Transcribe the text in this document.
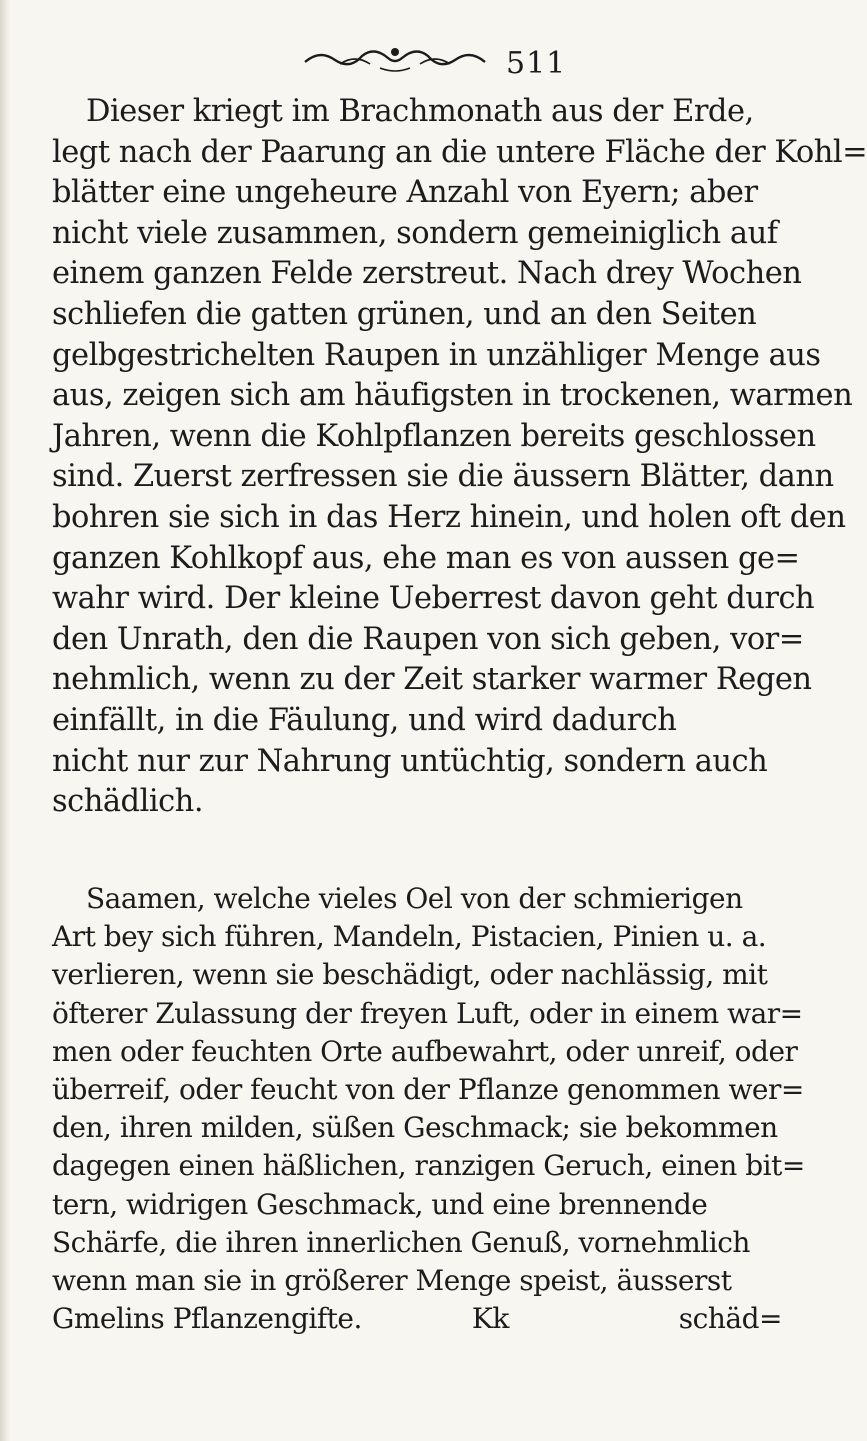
511
Dieser kriegt im Brachmonath aus der Erde,
legt nach der Paarung an die untere Fläche der Kohl=
blätter eine ungeheure Anzahl von Eyern; aber
nicht viele zusammen, sondern gemeiniglich auf
einem ganzen Felde zerstreut. Nach drey Wochen
schliefen die gatten grünen, und an den Seiten
gelbgestrichelten Raupen in unzähliger Menge aus
aus, zeigen sich am häufigsten in trockenen, warmen
Jahren, wenn die Kohlpflanzen bereits geschlossen
sind. Zuerst zerfressen sie die äussern Blätter, dann
bohren sie sich in das Herz hinein, und holen oft den
ganzen Kohlkopf aus, ehe man es von aussen ge=
wahr wird. Der kleine Ueberrest davon geht durch
den Unrath, den die Raupen von sich geben, vor=
nehmlich, wenn zu der Zeit starker warmer Regen
einfällt, in die Fäulung, und wird dadurch
nicht nur zur Nahrung untüchtig, sondern auch
schädlich.
Saamen, welche vieles Oel von der schmierigen
Art bey sich führen, Mandeln, Pistacien, Pinien u. a.
verlieren, wenn sie beschädigt, oder nachlässig, mit
öfterer Zulassung der freyen Luft, oder in einem war=
men oder feuchten Orte aufbewahrt, oder unreif, oder
überreif, oder feucht von der Pflanze genommen wer=
den, ihren milden, süßen Geschmack; sie bekommen
dagegen einen häßlichen, ranzigen Geruch, einen bit=
tern, widrigen Geschmack, und eine brennende
Schärfe, die ihren innerlichen Genuß, vornehmlich
wenn man sie in größerer Menge speist, äusserst
Gmelins Pflanzengifte.	Kk	schäd=
